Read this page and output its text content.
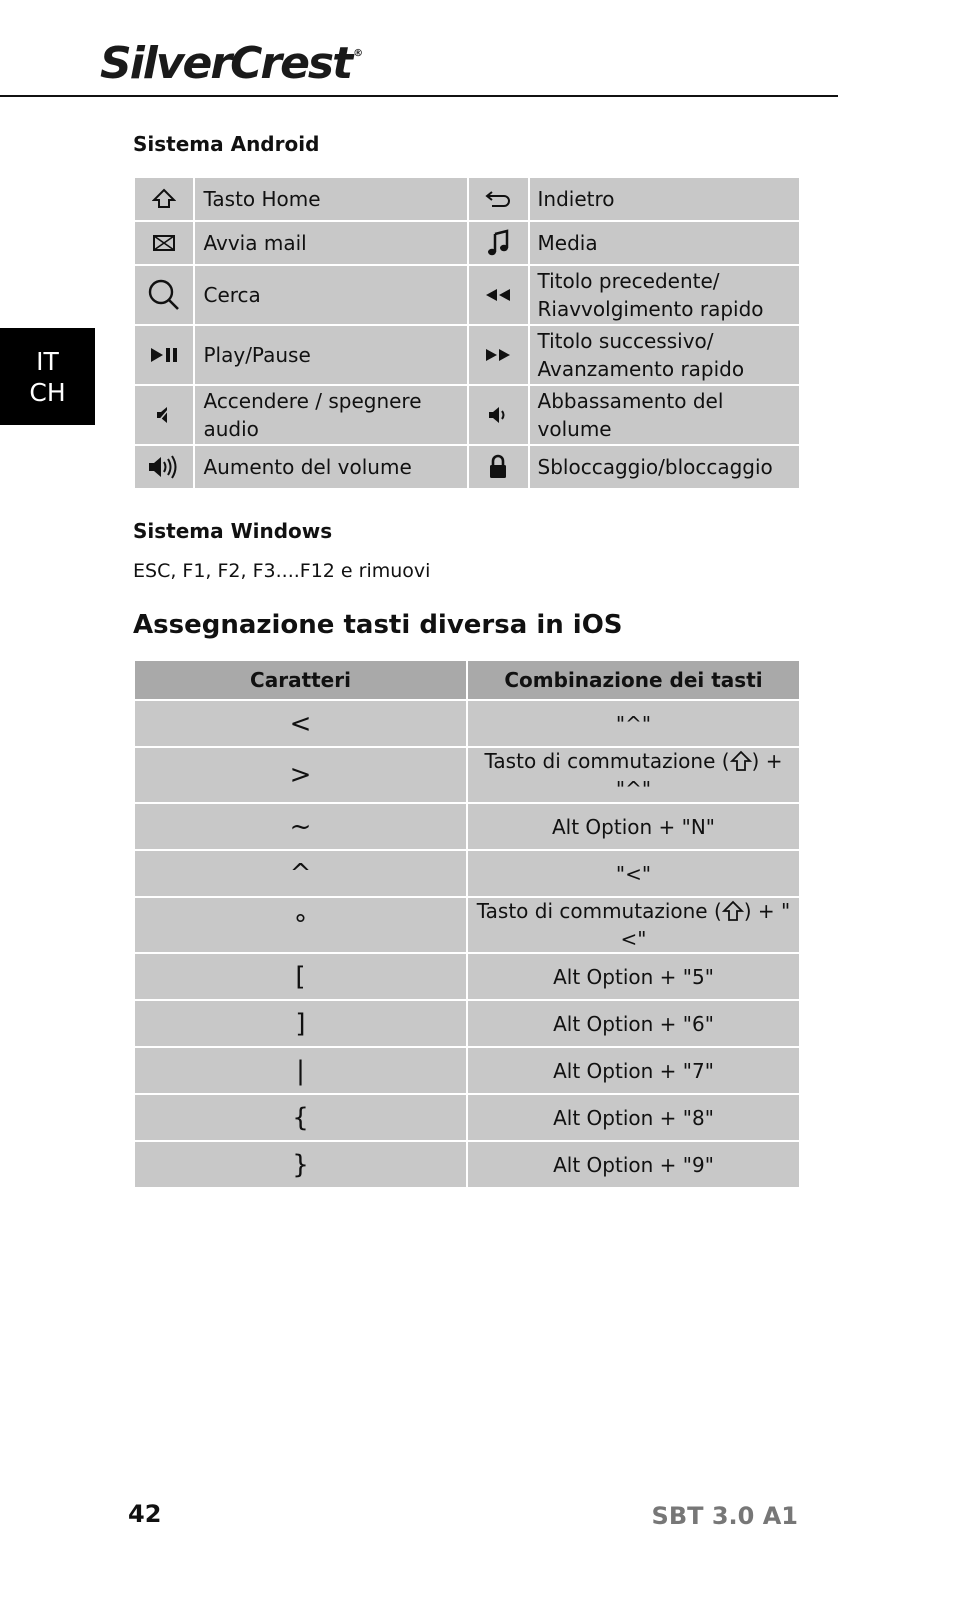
SilverCrest ®
IT
CH
Sistema Android
	Tasto Home		Indietro

	Avvia mail		Media

	Cerca		Titolo precedente/
Riavvolgimento rapido

	Play/Pause		Titolo successivo/
Avanzamento rapido

	Accendere / spegnere
audio		Abbassamento del volume

	Aumento del volume		Sbloccaggio/bloccaggio
Sistema Windows
ESC, F1, F2, F3....F12 e rimuovi
Assegnazione tasti diversa in iOS
Caratteri	Combinazione dei tasti
<	"^"
>	Tasto di commutazione ( ) + "^"
~	Alt Option + "N"
^	"<"
°	Tasto di commutazione ( ) + "<"
[	Alt Option + "5"
]	Alt Option + "6"
|	Alt Option + "7"
{	Alt Option + "8"
}	Alt Option + "9"
42	SBT 3.0 A1
